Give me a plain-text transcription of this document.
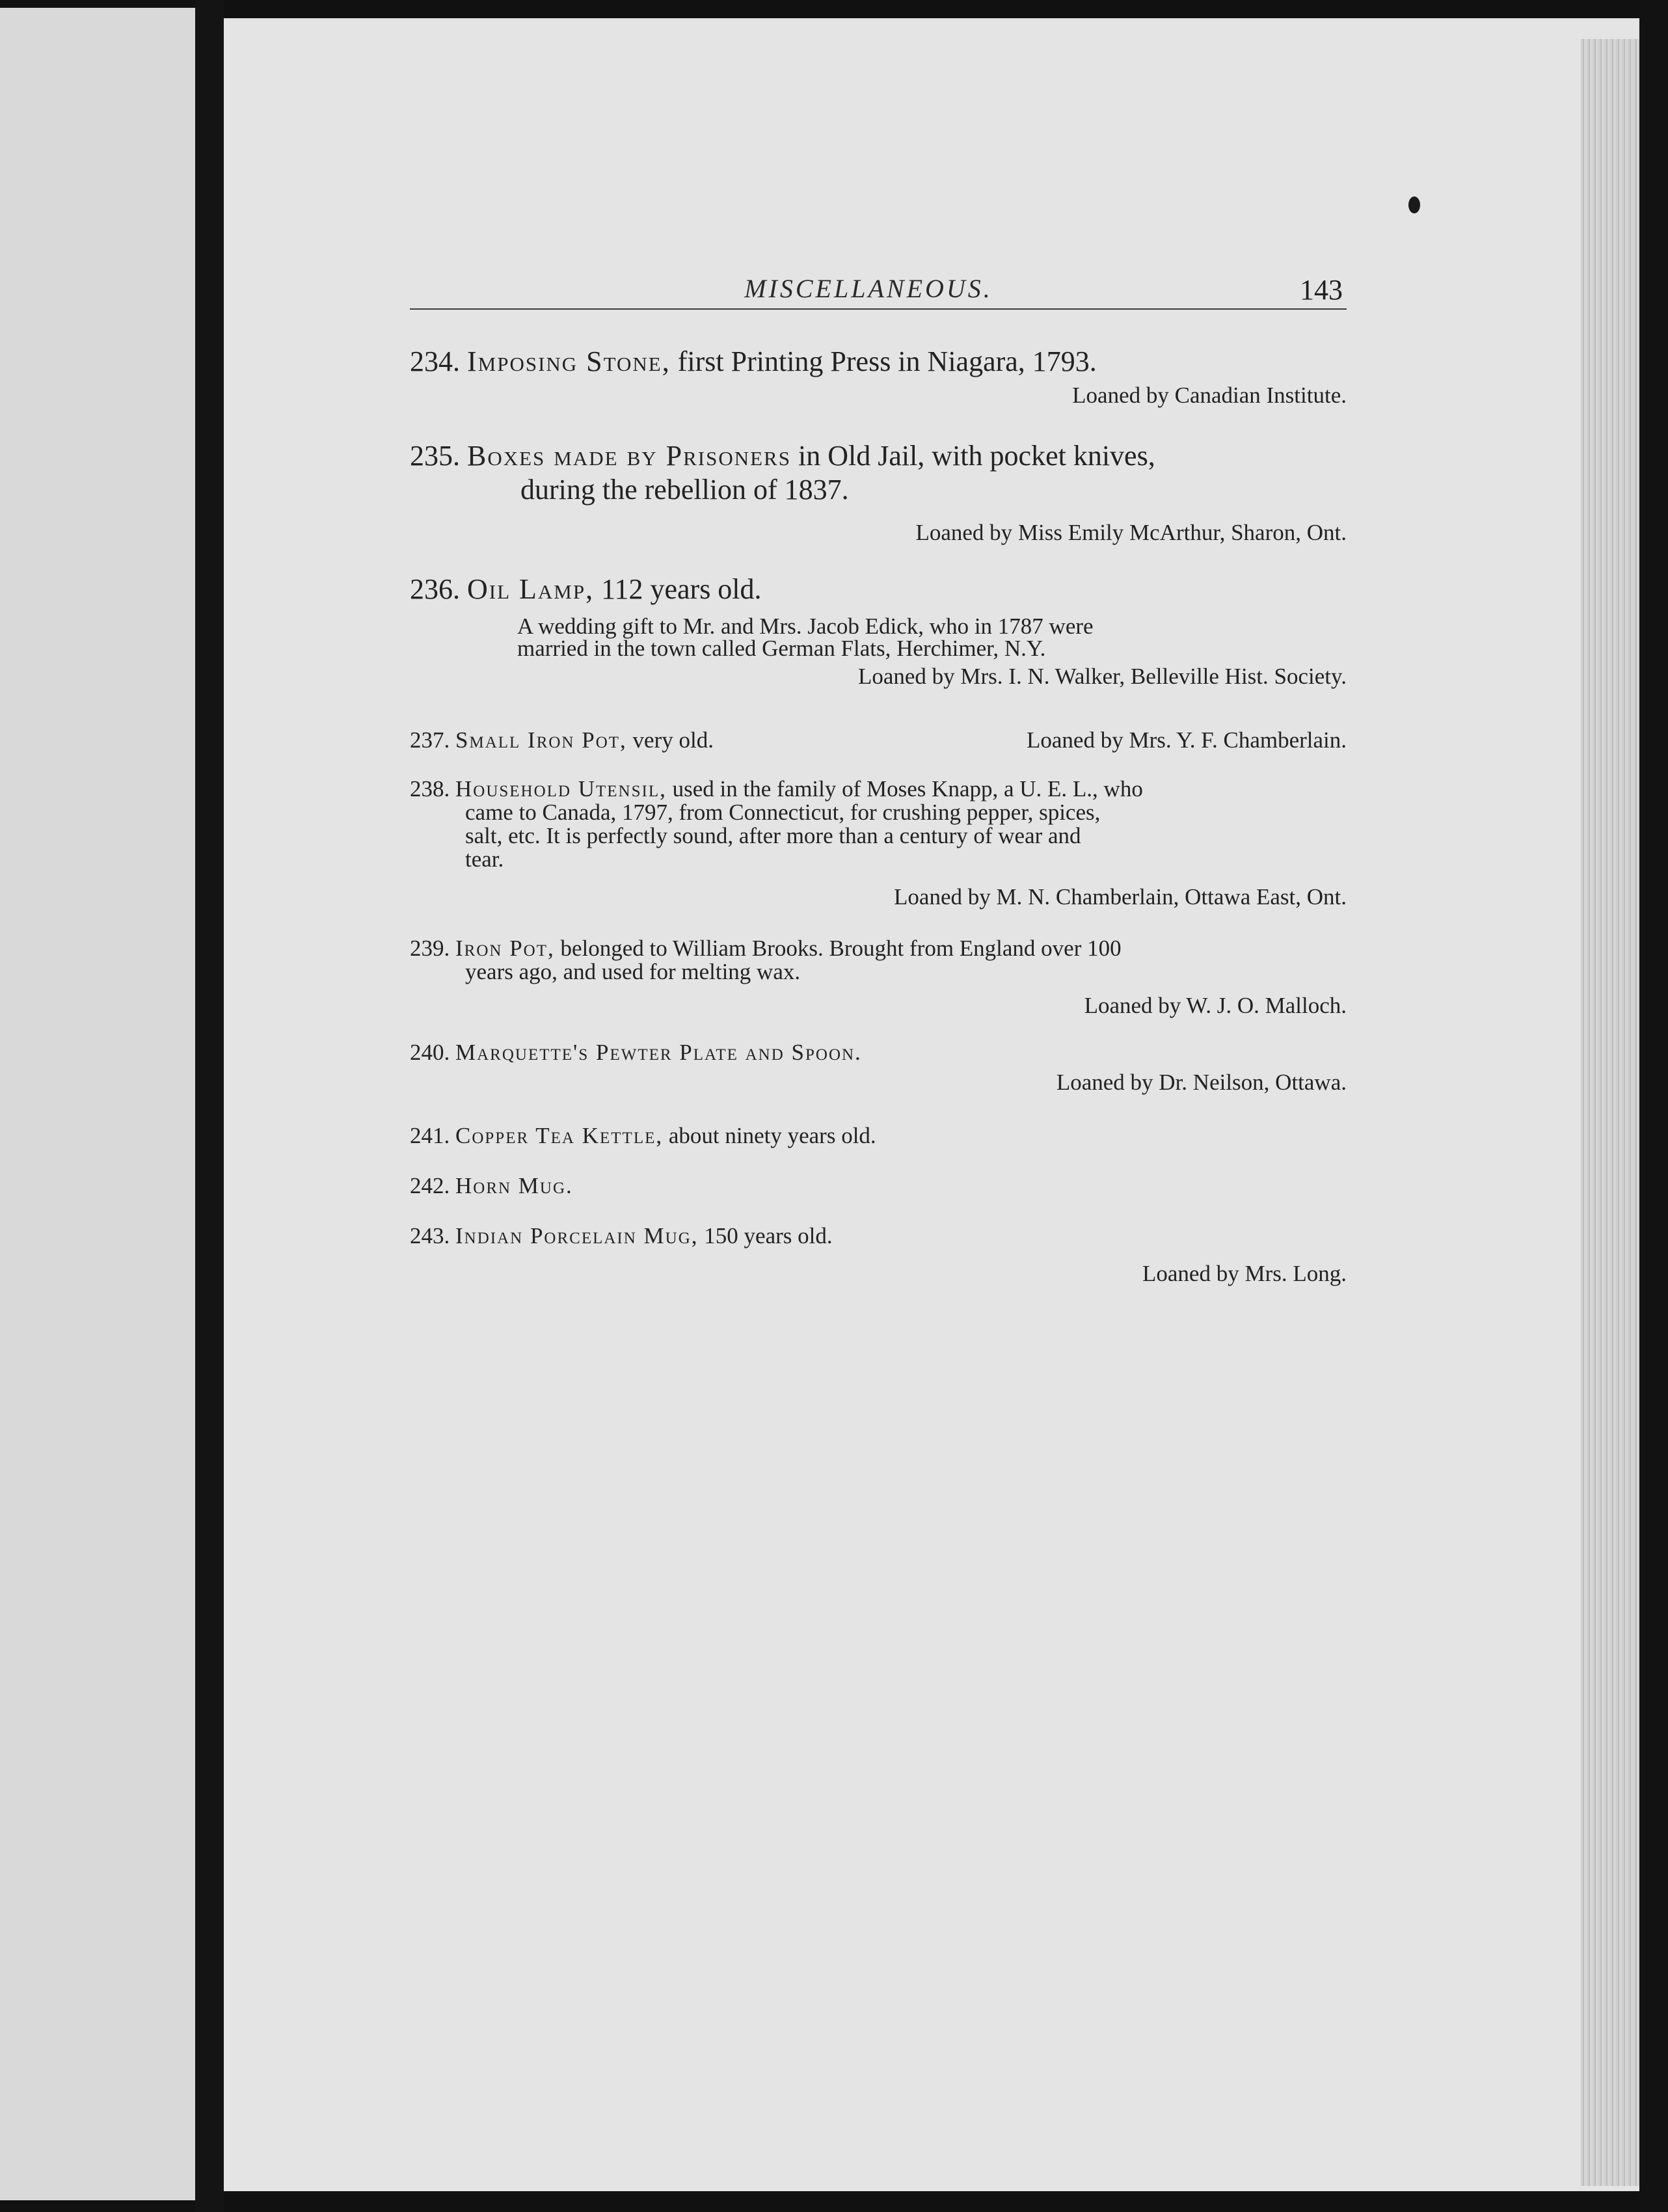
MISCELLANEOUS.	143
234. Imposing Stone, first Printing Press in Niagara, 1793.
Loaned by Canadian Institute.
235. Boxes made by Prisoners in Old Jail, with pocket knives,
during the rebellion of 1837.
Loaned by Miss Emily McArthur, Sharon, Ont.
236. Oil Lamp, 112 years old.
A wedding gift to Mr. and Mrs. Jacob Edick, who in 1787 were
married in the town called German Flats, Herchimer, N.Y.
Loaned by Mrs. I. N. Walker, Belleville Hist. Society.
237. Small Iron Pot, very old.	Loaned by Mrs. Y. F. Chamberlain.
238. Household Utensil, used in the family of Moses Knapp, a U. E. L., who
came to Canada, 1797, from Connecticut, for crushing pepper, spices,
salt, etc. It is perfectly sound, after more than a century of wear and
tear.
Loaned by M. N. Chamberlain, Ottawa East, Ont.
239. Iron Pot, belonged to William Brooks. Brought from England over 100
years ago, and used for melting wax.
Loaned by W. J. O. Malloch.
240. Marquette's Pewter Plate and Spoon.
Loaned by Dr. Neilson, Ottawa.
241. Copper Tea Kettle, about ninety years old.
242. Horn Mug.
243. Indian Porcelain Mug, 150 years old.
Loaned by Mrs. Long.
